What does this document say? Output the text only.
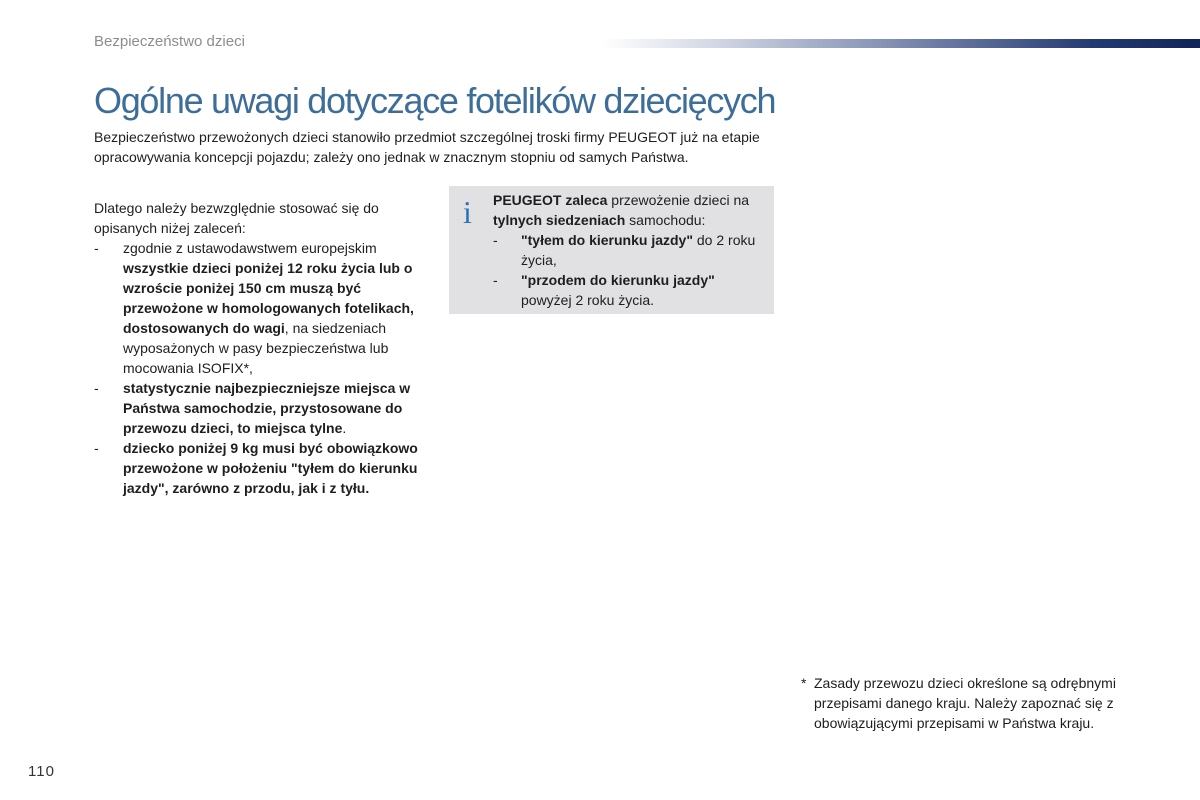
Bezpieczeństwo dzieci
Ogólne uwagi dotyczące fotelików dziecięcych

Bezpieczeństwo przewożonych dzieci stanowiło przedmiot szczególnej troski firmy PEUGEOT już na etapie opracowywania koncepcji pojazdu; zależy ono jednak w znacznym stopniu od samych Państwa.

Dlatego należy bezwzględnie stosować się do opisanych niżej zaleceń:

- zgodnie z ustawodawstwem europejskim wszystkie dzieci poniżej 12 roku życia lub o wzroście poniżej 150 cm muszą być przewożone w homologowanych fotelikach, dostosowanych do wagi, na siedzeniach wyposażonych w pasy bezpieczeństwa lub mocowania ISOFIX*,
- statystycznie najbezpieczniejsze miejsca w Państwa samochodzie, przystosowane do przewozu dzieci, to miejsca tylne.
- dziecko poniżej 9 kg musi być obowiązkowo przewożone w położeniu "tyłem do kierunku jazdy", zarówno z przodu, jak i z tyłu.
i PEUGEOT zaleca przewożenie dzieci na tylnych siedzeniach samochodu:
- "tyłem do kierunku jazdy" do 2 roku życia,
- "przodem do kierunku jazdy" powyżej 2 roku życia.
* Zasady przewozu dzieci określone są odrębnymi przepisami danego kraju. Należy zapoznać się z obowiązującymi przepisami w Państwa kraju.

110
